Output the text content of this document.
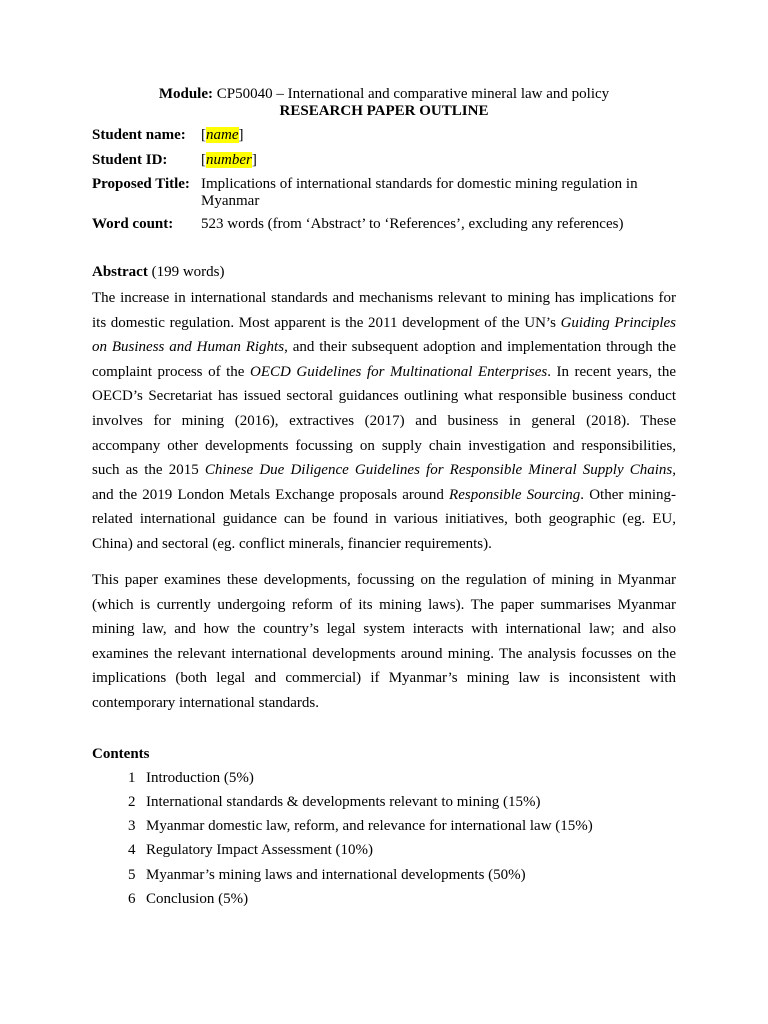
Module: CP50040 – International and comparative mineral law and policy
RESEARCH PAPER OUTLINE
Student name: [name]
Student ID: [number]
Proposed Title: Implications of international standards for domestic mining regulation in
Myanmar
Word count: 523 words (from ‘Abstract’ to ‘References’, excluding any references)
Abstract (199 words)
The increase in international standards and mechanisms relevant to mining has implications for
its domestic regulation. Most apparent is the 2011 development of the UN’s Guiding Principles
on Business and Human Rights, and their subsequent adoption and implementation through the
complaint process of the OECD Guidelines for Multinational Enterprises. In recent years, the
OECD’s Secretariat has issued sectoral guidances outlining what responsible business conduct
involves for mining (2016), extractives (2017) and business in general (2018). These
accompany other developments focussing on supply chain investigation and responsibilities,
such as the 2015 Chinese Due Diligence Guidelines for Responsible Mineral Supply Chains,
and the 2019 London Metals Exchange proposals around Responsible Sourcing. Other mining-
related international guidance can be found in various initiatives, both geographic (eg. EU,
China) and sectoral (eg. conflict minerals, financier requirements).
This paper examines these developments, focussing on the regulation of mining in Myanmar
(which is currently undergoing reform of its mining laws). The paper summarises Myanmar
mining law, and how the country’s legal system interacts with international law; and also
examines the relevant international developments around mining. The analysis focusses on the
implications (both legal and commercial) if Myanmar’s mining law is inconsistent with
contemporary international standards.
Contents
1 Introduction (5%)
2 International standards & developments relevant to mining (15%)
3 Myanmar domestic law, reform, and relevance for international law (15%)
4 Regulatory Impact Assessment (10%)
5 Myanmar’s mining laws and international developments (50%)
6 Conclusion (5%)
